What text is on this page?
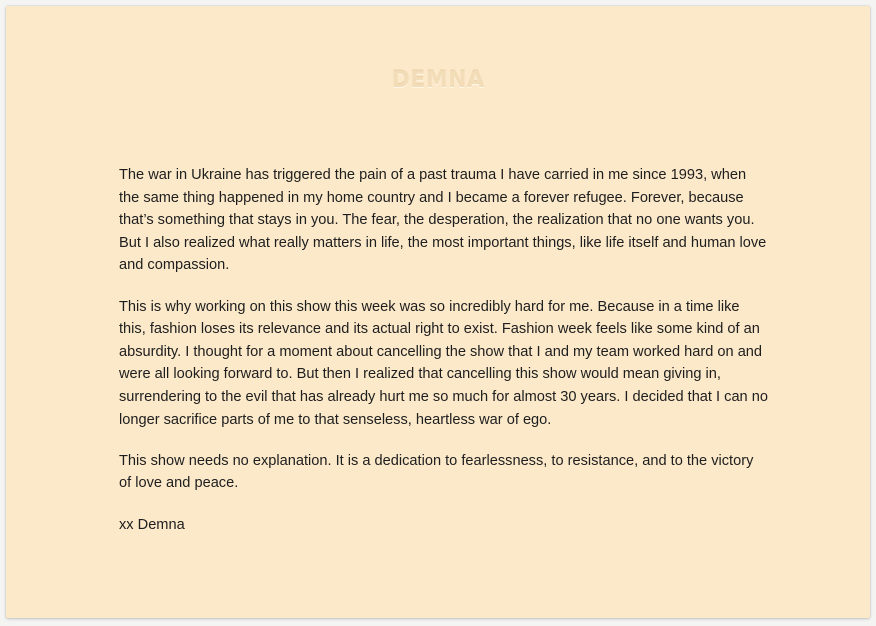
DEMNA

The war in Ukraine has triggered the pain of a past trauma I have carried in me since 1993, when the same thing happened in my home country and I became a forever refugee. Forever, because that’s something that stays in you. The fear, the desperation, the realization that no one wants you. But I also realized what really matters in life, the most important things, like life itself and human love and compassion.

This is why working on this show this week was so incredibly hard for me. Because in a time like this, fashion loses its relevance and its actual right to exist. Fashion week feels like some kind of an absurdity. I thought for a moment about cancelling the show that I and my team worked hard on and were all looking forward to. But then I realized that cancelling this show would mean giving in, surrendering to the evil that has already hurt me so much for almost 30 years. I decided that I can no longer sacrifice parts of me to that senseless, heartless war of ego.

This show needs no explanation. It is a dedication to fearlessness, to resistance, and to the victory of love and peace.

xx Demna
